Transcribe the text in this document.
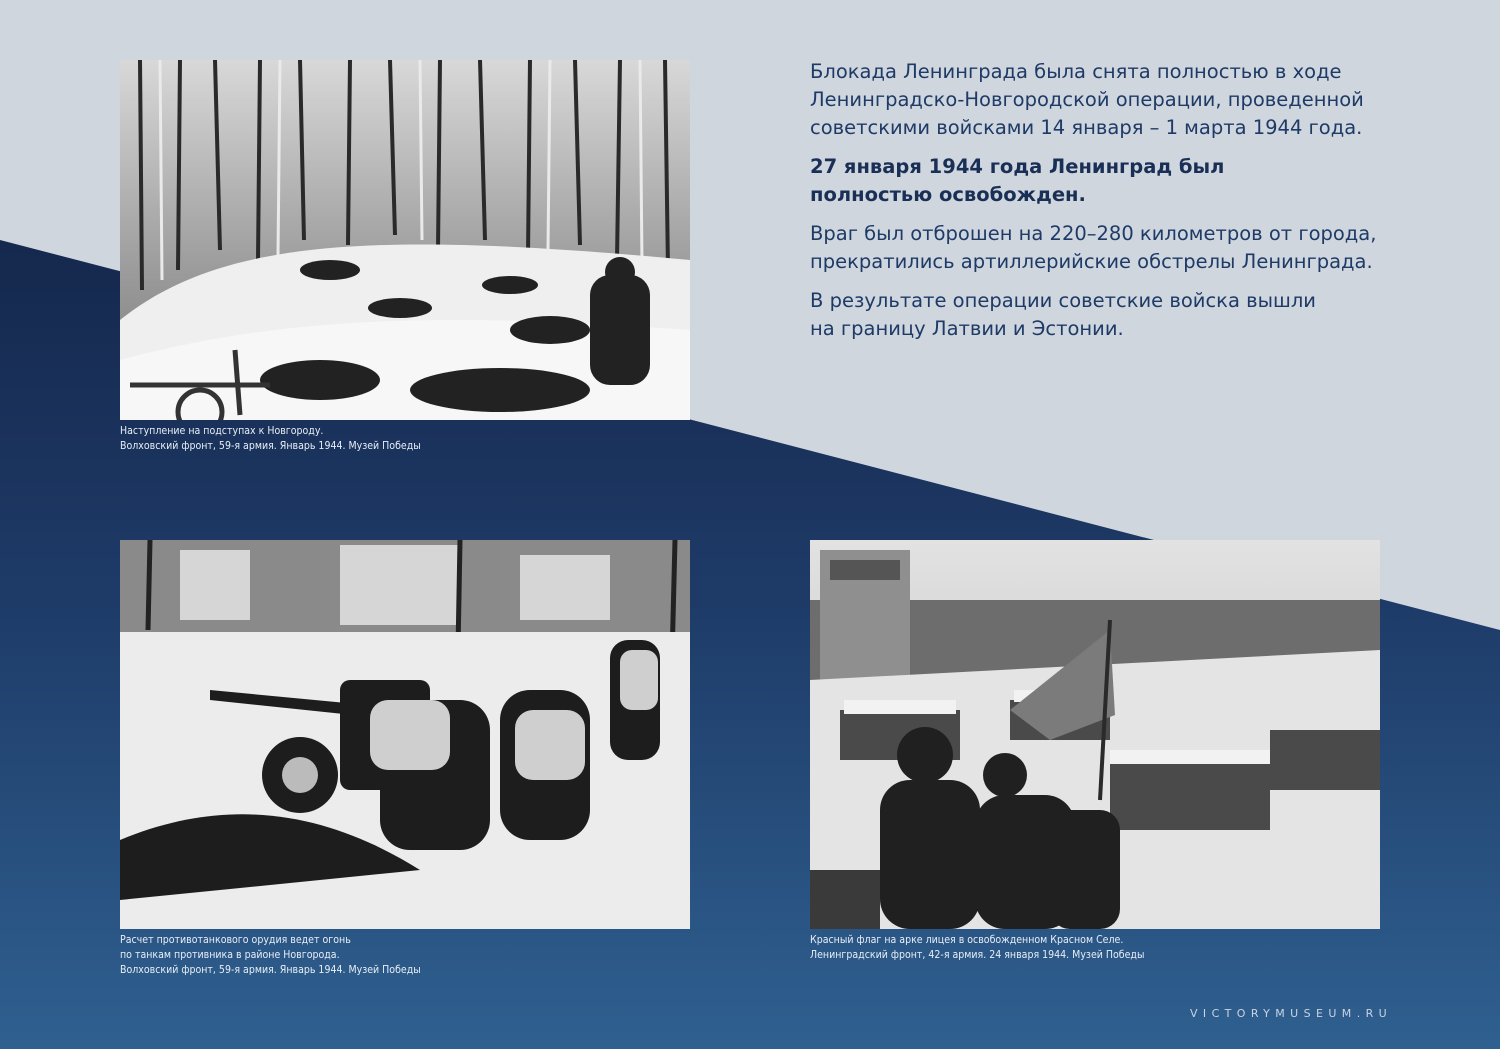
Наступление на подступах к Новгороду.
Волховский фронт, 59-я армия. Январь 1944. Музей Победы

Блокада Ленинграда была снята полностью в ходе
Ленинградско-Новгородской операции, проведенной
советскими войсками 14 января – 1 марта 1944 года.

27 января 1944 года Ленинград был
полностью освобожден.

Враг был отброшен на 220–280 километров от города,
прекратились артиллерийские обстрелы Ленинграда.

В результате операции советские войска вышли
на границу Латвии и Эстонии.

Расчет противотанкового орудия ведет огонь
по танкам противника в районе Новгорода.
Волховский фронт, 59-я армия. Январь 1944. Музей Победы
Красный флаг на арке лицея в освобожденном Красном Селе.
Ленинградский фронт, 42-я армия. 24 января 1944. Музей Победы
VICTORYMUSEUM.RU
